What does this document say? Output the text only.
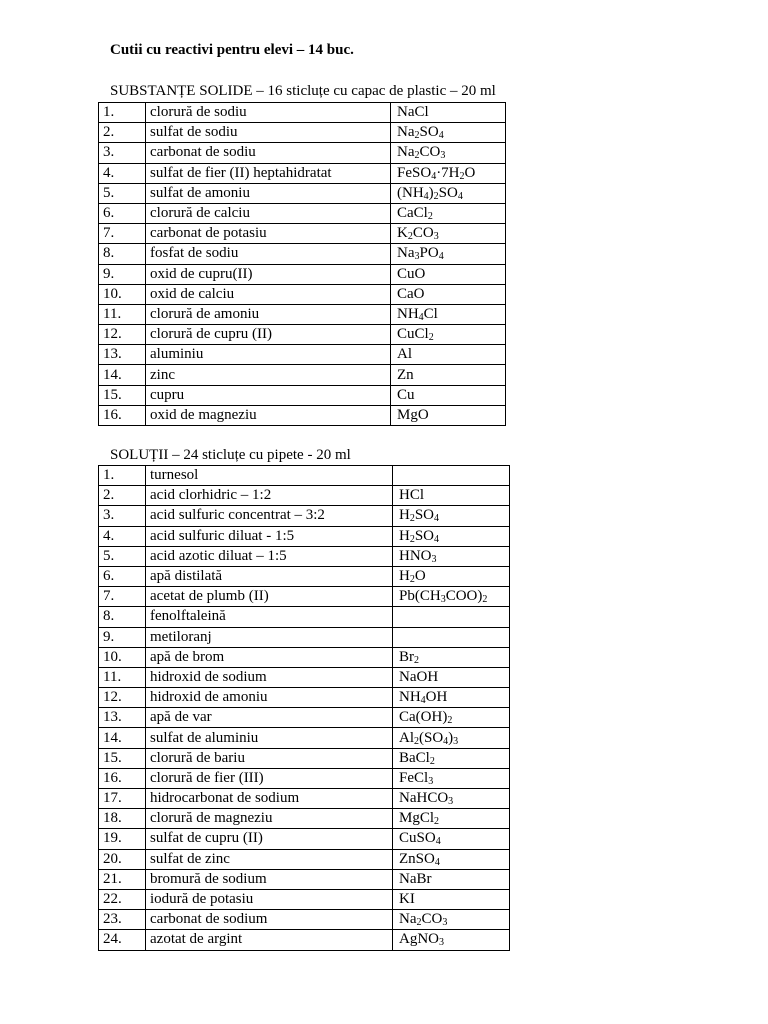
Cutii cu reactivi pentru elevi – 14 buc.
SUBSTANȚE SOLIDE – 16 sticluțe cu capac de plastic – 20 ml
1.	clorură de sodiu	NaCl
2.	sulfat de sodiu	$Na_2SO_4$
3.	carbonat de sodiu	$Na_2CO_3$
4.	sulfat de fier (II) heptahidratat	$FeSO_4\cdot 7H_2O$
5.	sulfat de amoniu	$(NH_4)_2SO_4$
6.	clorură de calciu	CaCl$_2$
7.	carbonat de potasiu	$K_2CO_3$
8.	fosfat de sodiu	$Na_3PO_4$
9.	oxid de cupru(II)	CuO
10.	oxid de calciu	CaO
11.	clorură de amoniu	$NH_4Cl$
12.	clorură de cupru (II)	CuCl$_2$
13.	aluminiu	Al
14.	zinc	Zn
15.	cupru	Cu
16.	oxid de magneziu	MgO
SOLUȚII – 24 sticluțe cu pipete - 20 ml
1.	turnesol	
2.	acid clorhidric – 1:2	HCl
3.	acid sulfuric concentrat – 3:2	$H_2SO_4$
4.	acid sulfuric diluat - 1:5	$H_2SO_4$
5.	acid azotic diluat – 1:5	$HNO_3$
6.	apă distilată	$H_2O$
7.	acetat de plumb (II)	$Pb(CH_3COO)_2$
8.	fenolftaleină	
9.	metiloranj	
10.	apă de brom	$Br_2$
11.	hidroxid de sodium	NaOH
12.	hidroxid de amoniu	$NH_4OH$
13.	apă de var	$Ca(OH)_2$
14.	sulfat de aluminiu	$Al_2(SO_4)_3$
15.	clorură de bariu	BaCl$_2$
16.	clorură de fier (III)	FeCl$_3$
17.	hidrocarbonat de sodium	NaHCO$_3$
18.	clorură de magneziu	MgCl$_2$
19.	sulfat de cupru (II)	CuSO$_4$
20.	sulfat de zinc	ZnSO$_4$
21.	bromură de sodium	NaBr
22.	iodură de potasiu	KI
23.	carbonat de sodium	$Na_2CO_3$
24.	azotat de argint	AgNO$_3$
